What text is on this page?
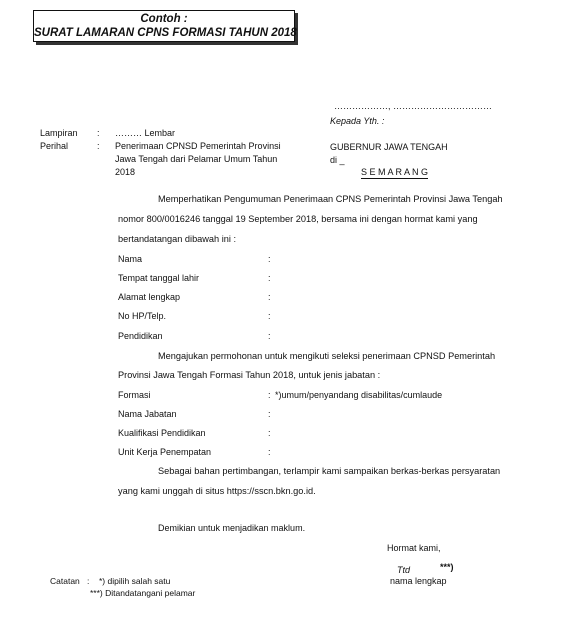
Contoh :
SURAT LAMARAN CPNS FORMASI TAHUN 2018
………………, ……………………………
Kepada Yth. :
GUBERNUR JAWA TENGAH
di _
S E M A R A N G
Lampiran : ……… Lembar
Perihal	: Penerimaan CPNSD Pemerintah Provinsi
Jawa Tengah dari Pelamar Umum Tahun
2018
Memperhatikan Pengumuman Penerimaan CPNS Pemerintah Provinsi Jawa Tengah
nomor 800/0016246 tanggal 19 September 2018, bersama ini dengan hormat kami yang
bertandatangan dibawah ini :
Nama	:
Tempat tanggal lahir	:
Alamat lengkap	:
No HP/Telp.	:
Pendidikan	:
Mengajukan permohonan untuk mengikuti seleksi penerimaan CPNSD Pemerintah
Provinsi Jawa Tengah Formasi Tahun 2018, untuk jenis jabatan :
Formasi	: *)umum/penyandang disabilitas/cumlaude
Nama Jabatan	:
Kualifikasi Pendidikan	:
Unit Kerja Penempatan	:
Sebagai bahan pertimbangan, terlampir kami sampaikan berkas-berkas persyaratan
yang kami unggah di situs https://sscn.bkn.go.id.
Demikian untuk menjadikan maklum.
Hormat kami,
Ttd	***)
nama lengkap
Catatan : *) dipilih salah satu
***) Ditandatangani pelamar
